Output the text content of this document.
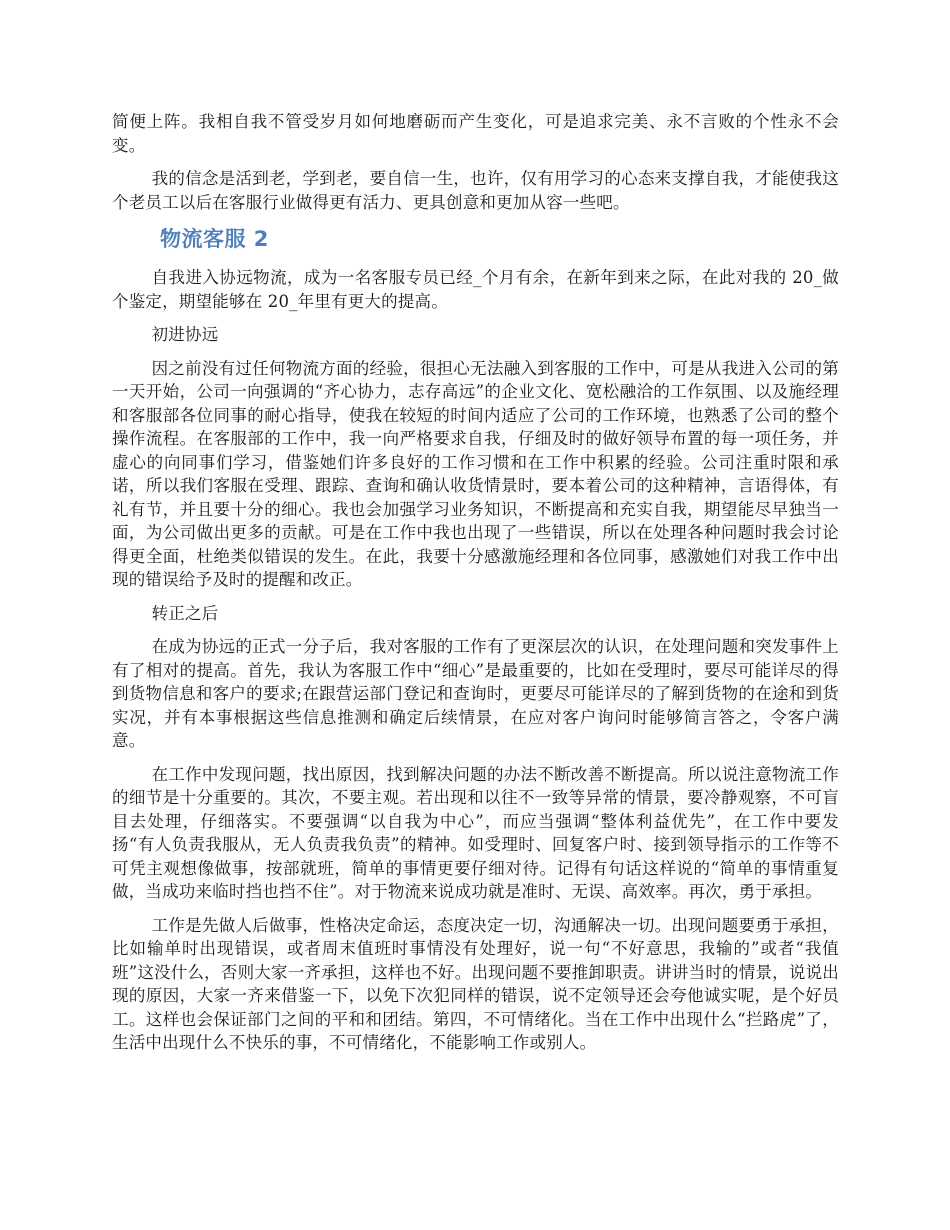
简便上阵。我相自我不管受岁月如何地磨砺而产生变化，可是追求完美、永不言败的个性永不会变。

我的信念是活到老，学到老，要自信一生，也许，仅有用学习的心态来支撑自我，才能使我这个老员工以后在客服行业做得更有活力、更具创意和更加从容一些吧。

物流客服 2

自我进入协远物流，成为一名客服专员已经_个月有余，在新年到来之际，在此对我的 20_做个鉴定，期望能够在 20_年里有更大的提高。

初进协远

因之前没有过任何物流方面的经验，很担心无法融入到客服的工作中，可是从我进入公司的第一天开始，公司一向强调的“齐心协力，志存高远”的企业文化、宽松融洽的工作氛围、以及施经理和客服部各位同事的耐心指导，使我在较短的时间内适应了公司的工作环境，也熟悉了公司的整个操作流程。在客服部的工作中，我一向严格要求自我，仔细及时的做好领导布置的每一项任务，并虚心的向同事们学习，借鉴她们许多良好的工作习惯和在工作中积累的经验。公司注重时限和承诺，所以我们客服在受理、跟踪、查询和确认收货情景时，要本着公司的这种精神，言语得体，有礼有节，并且要十分的细心。我也会加强学习业务知识，不断提高和充实自我，期望能尽早独当一面，为公司做出更多的贡献。可是在工作中我也出现了一些错误，所以在处理各种问题时我会讨论得更全面，杜绝类似错误的发生。在此，我要十分感激施经理和各位同事，感激她们对我工作中出现的错误给予及时的提醒和改正。

转正之后

在成为协远的正式一分子后，我对客服的工作有了更深层次的认识，在处理问题和突发事件上有了相对的提高。首先，我认为客服工作中“细心”是最重要的，比如在受理时，要尽可能详尽的得到货物信息和客户的要求;在跟营运部门登记和查询时，更要尽可能详尽的了解到货物的在途和到货实况，并有本事根据这些信息推测和确定后续情景，在应对客户询问时能够简言答之，令客户满意。

在工作中发现问题，找出原因，找到解决问题的办法不断改善不断提高。所以说注意物流工作的细节是十分重要的。其次，不要主观。若出现和以往不一致等异常的情景，要冷静观察，不可盲目去处理，仔细落实。不要强调“以自我为中心”，而应当强调“整体利益优先”，在工作中要发扬“有人负责我服从，无人负责我负责”的精神。如受理时、回复客户时、接到领导指示的工作等不可凭主观想像做事，按部就班，简单的事情更要仔细对待。记得有句话这样说的“简单的事情重复做，当成功来临时挡也挡不住”。对于物流来说成功就是准时、无误、高效率。再次，勇于承担。

工作是先做人后做事，性格决定命运，态度决定一切，沟通解决一切。出现问题要勇于承担，比如输单时出现错误，或者周末值班时事情没有处理好，说一句“不好意思，我输的”或者“我值班”这没什么，否则大家一齐承担，这样也不好。出现问题不要推卸职责。讲讲当时的情景，说说出现的原因，大家一齐来借鉴一下，以免下次犯同样的错误，说不定领导还会夸他诚实呢，是个好员工。这样也会保证部门之间的平和和团结。第四，不可情绪化。当在工作中出现什么“拦路虎”了，生活中出现什么不快乐的事，不可情绪化，不能影响工作或别人。
